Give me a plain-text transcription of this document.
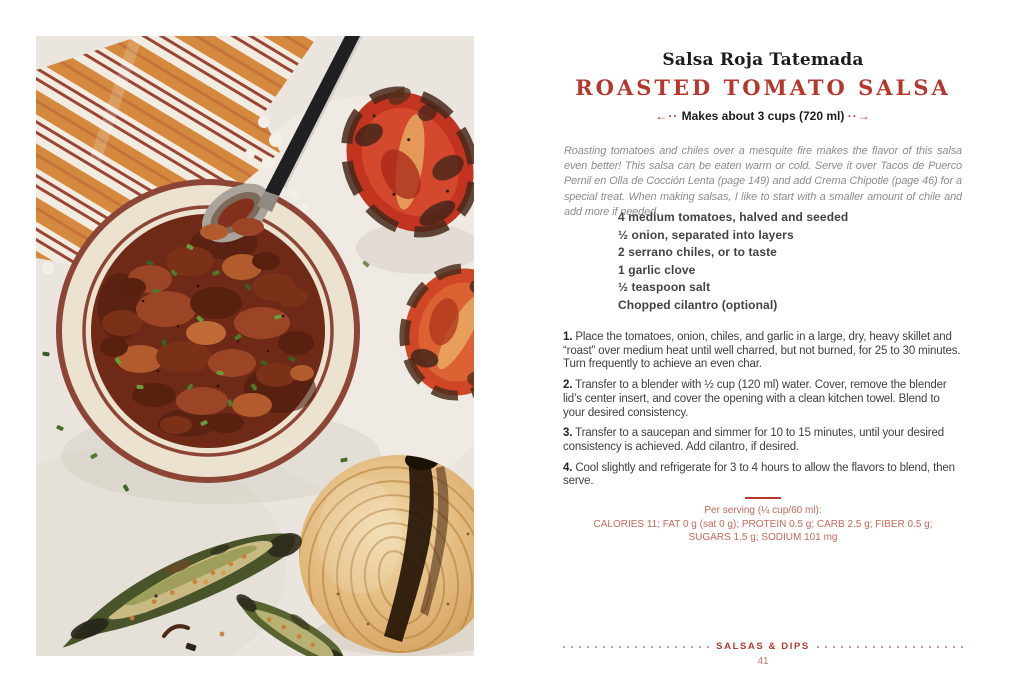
Salsa Roja Tatemada
ROASTED TOMATO SALSA
←·· Makes about 3 cups (720 ml) ··→

Roasting tomatoes and chiles over a mesquite fire makes the flavor of this salsa even better! This salsa can be eaten warm or cold. Serve it over Tacos de Puerco Pernil en Olla de Cocción Lenta (page 149) and add Crema Chipotle (page 46) for a special treat. When making salsas, I like to start with a smaller amount of chile and add more if needed.

4 medium tomatoes, halved and seeded
½ onion, separated into layers
2 serrano chiles, or to taste
1 garlic clove
½ teaspoon salt
Chopped cilantro (optional)

1. Place the tomatoes, onion, chiles, and garlic in a large, dry, heavy skillet and “roast” over medium heat until well charred, but not burned, for 25 to 30 minutes. Turn frequently to achieve an even char.

2. Transfer to a blender with ½ cup (120 ml) water. Cover, remove the blender lid’s center insert, and cover the opening with a clean kitchen towel. Blend to your desired consistency.

3. Transfer to a saucepan and simmer for 10 to 15 minutes, until your desired consistency is achieved. Add cilantro, if desired.

4. Cool slightly and refrigerate for 3 to 4 hours to allow the flavors to blend, then serve.

Per serving (¼ cup/60 ml):
CALORIES 11; FAT 0 g (sat 0 g); PROTEIN 0.5 g; CARB 2.5 g; FIBER 0.5 g;
SUGARS 1.5 g; SODIUM 101 mg
SALSAS & DIPS
41
